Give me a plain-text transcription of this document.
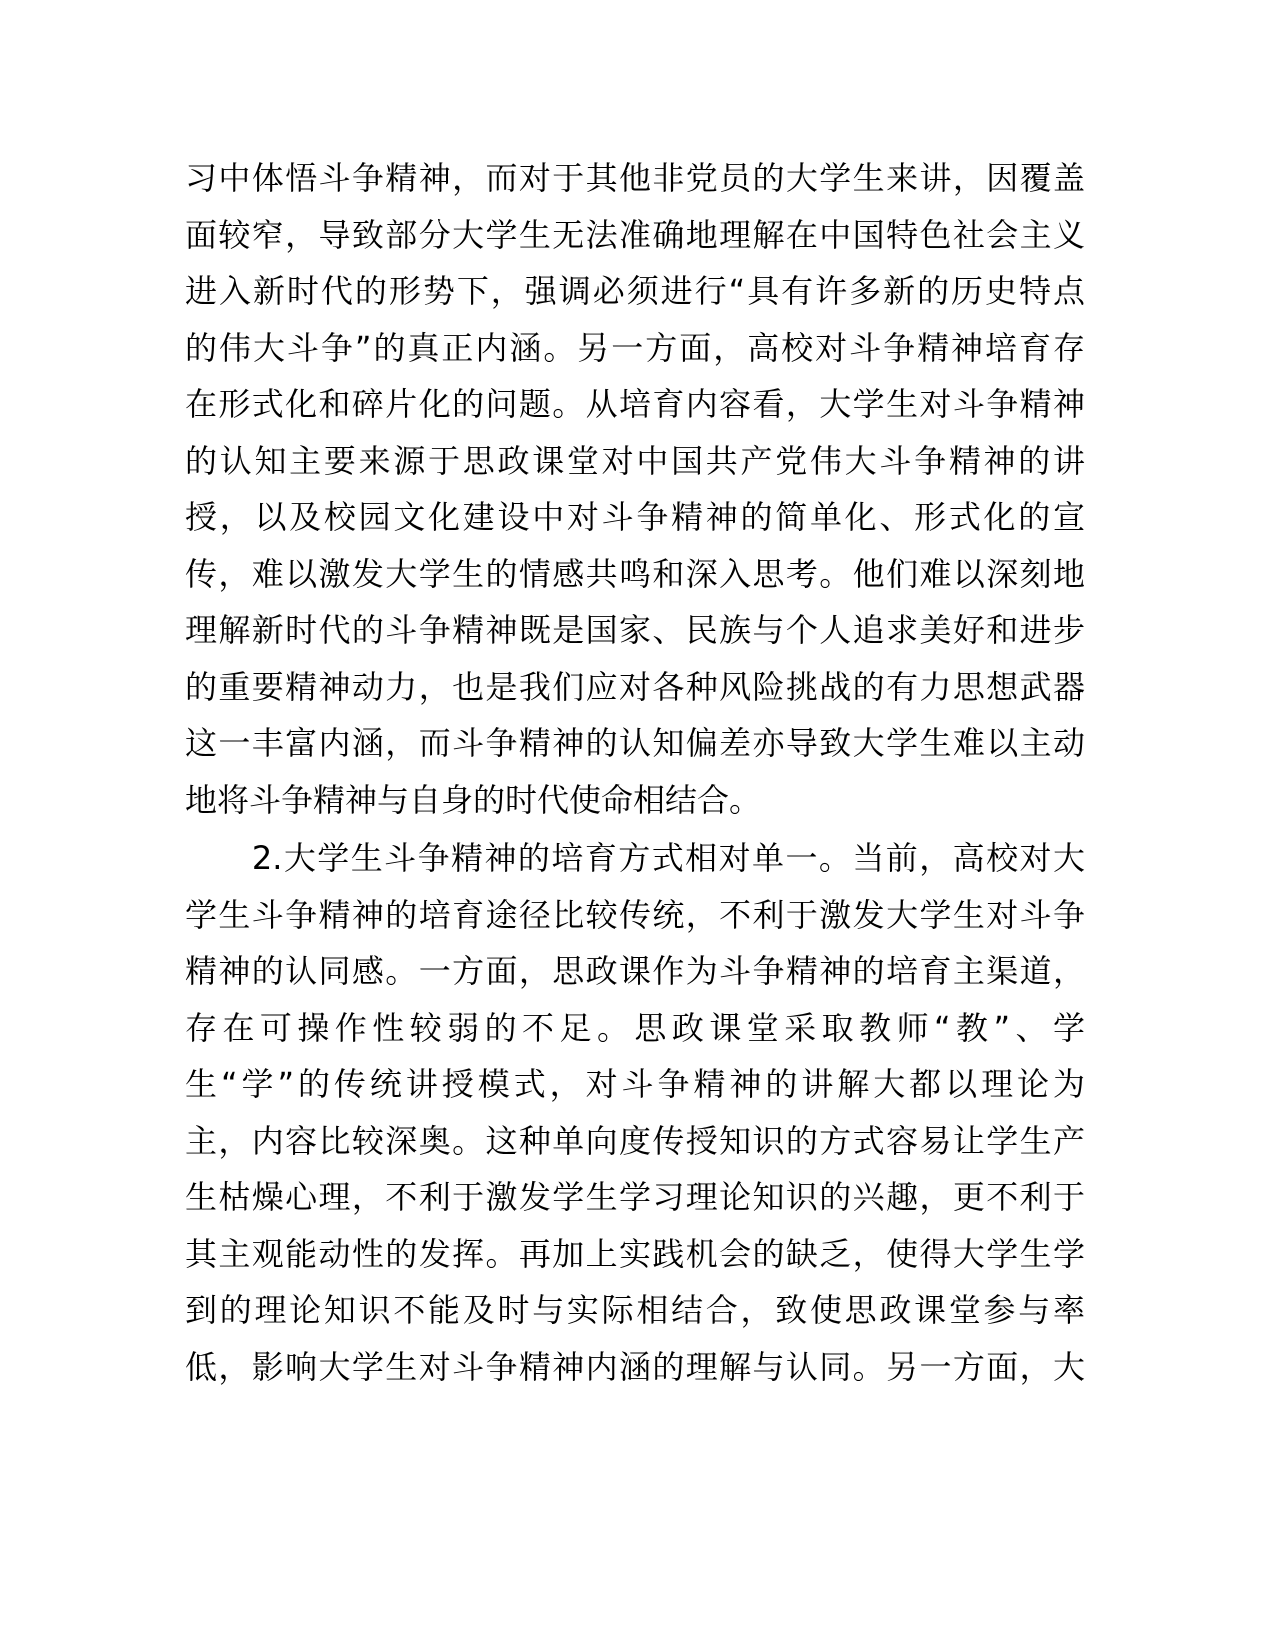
习中体悟斗争精神，而对于其他非党员的大学生来讲，因覆盖
面较窄，导致部分大学生无法准确地理解在中国特色社会主义
进入新时代的形势下，强调必须进行“具有许多新的历史特点
的伟大斗争”的真正内涵。另一方面，高校对斗争精神培育存
在形式化和碎片化的问题。从培育内容看，大学生对斗争精神
的认知主要来源于思政课堂对中国共产党伟大斗争精神的讲
授，以及校园文化建设中对斗争精神的简单化、形式化的宣
传，难以激发大学生的情感共鸣和深入思考。他们难以深刻地
理解新时代的斗争精神既是国家、民族与个人追求美好和进步
的重要精神动力，也是我们应对各种风险挑战的有力思想武器
这一丰富内涵，而斗争精神的认知偏差亦导致大学生难以主动
地将斗争精神与自身的时代使命相结合。
　　2.大学生斗争精神的培育方式相对单一。当前，高校对大
学生斗争精神的培育途径比较传统，不利于激发大学生对斗争
精神的认同感。一方面，思政课作为斗争精神的培育主渠道，
存在可操作性较弱的不足。思政课堂采取教师“教”、学
生“学”的传统讲授模式，对斗争精神的讲解大都以理论为
主，内容比较深奥。这种单向度传授知识的方式容易让学生产
生枯燥心理，不利于激发学生学习理论知识的兴趣，更不利于
其主观能动性的发挥。再加上实践机会的缺乏，使得大学生学
到的理论知识不能及时与实际相结合，致使思政课堂参与率
低，影响大学生对斗争精神内涵的理解与认同。另一方面，大
